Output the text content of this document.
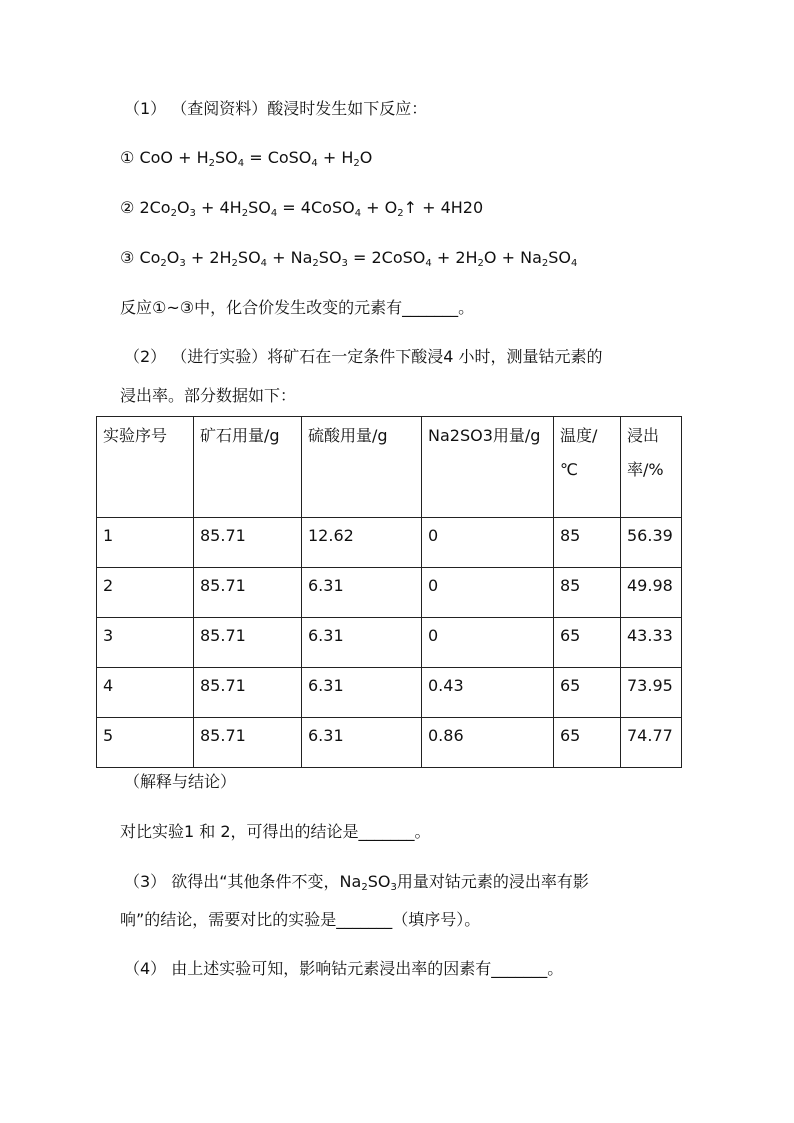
（1） （查阅资料）酸浸时发生如下反应：
① CoO + $H_2SO_4$ = CoSO$_4$ + $H_2O$
② $2Co_2O_3 + 4H_2SO_4$ = 4CoSO$_4$ + $O_2↑ + 4H20$
③ $Co_2O_3 + 2H_2SO_4 + Na_2SO_3$ = 2CoSO$_4$ + $2H_2O + Na_2SO_4$
反应①~③中，化合价发生改变的元素有_______。
（2） （进行实验）将矿石在一定条件下酸浸4 小时，测量钴元素的
浸出率。部分数据如下：
实验序号	矿石用量/g	硫酸用量/g	Na2SO3用量/g	温度/℃	浸出率/%
1	85.71	12.62	0	85	56.39
2	85.71	6.31	0	85	49.98
3	85.71	6.31	0	65	43.33
4	85.71	6.31	0.43	65	73.95
5	85.71	6.31	0.86	65	74.77
（解释与结论）
对比实验1 和 2，可得出的结论是_______。
（3） 欲得出“其他条件不变，$Na_2SO_3$用量对钴元素的浸出率有影
响”的结论，需要对比的实验是_______（填序号）。
（4） 由上述实验可知，影响钴元素浸出率的因素有_______。
